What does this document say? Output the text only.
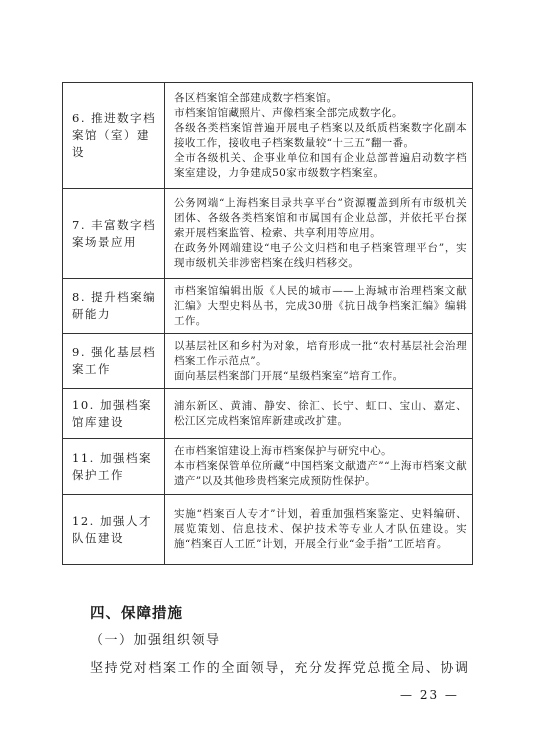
6. 推进数字档案馆（室）建设	各区档案馆全部建成数字档案馆。

市档案馆馆藏照片、声像档案全部完成数字化。

各级各类档案馆普遍开展电子档案以及纸质档案数字化副本接收工作，接收电子档案数量较“十三五”翻一番。

全市各级机关、企事业单位和国有企业总部普遍启动数字档案室建设，力争建成50家市级数字档案室。

7. 丰富数字档案场景应用	公务网端“上海档案目录共享平台”资源覆盖到所有市级机关团体、各级各类档案馆和市属国有企业总部，并依托平台探索开展档案监管、检索、共享利用等应用。

在政务外网端建设“电子公文归档和电子档案管理平台”，实现市级机关非涉密档案在线归档移交。

8. 提升档案编研能力	市档案馆编辑出版《人民的城市——上海城市治理档案文献汇编》大型史料丛书，完成30册《抗日战争档案汇编》编辑工作。

9. 强化基层档案工作	以基层社区和乡村为对象，培育形成一批“农村基层社会治理档案工作示范点”。

面向基层档案部门开展“星级档案室”培育工作。

10. 加强档案馆库建设	浦东新区、黄浦、静安、徐汇、长宁、虹口、宝山、嘉定、松江区完成档案馆库新建或改扩建。

11. 加强档案保护工作	在市档案馆建设上海市档案保护与研究中心。

本市档案保管单位所藏“中国档案文献遗产”“上海市档案文献遗产”以及其他珍贵档案完成预防性保护。

12. 加强人才队伍建设	实施“档案百人专才”计划，着重加强档案鉴定、史料编研、展览策划、信息技术、保护技术等专业人才队伍建设。实施“档案百人工匠”计划，开展全行业“金手指”工匠培育。

四、保障措施
（一）加强组织领导
坚持党对档案工作的全面领导，充分发挥党总揽全局、协调
— 23 —
